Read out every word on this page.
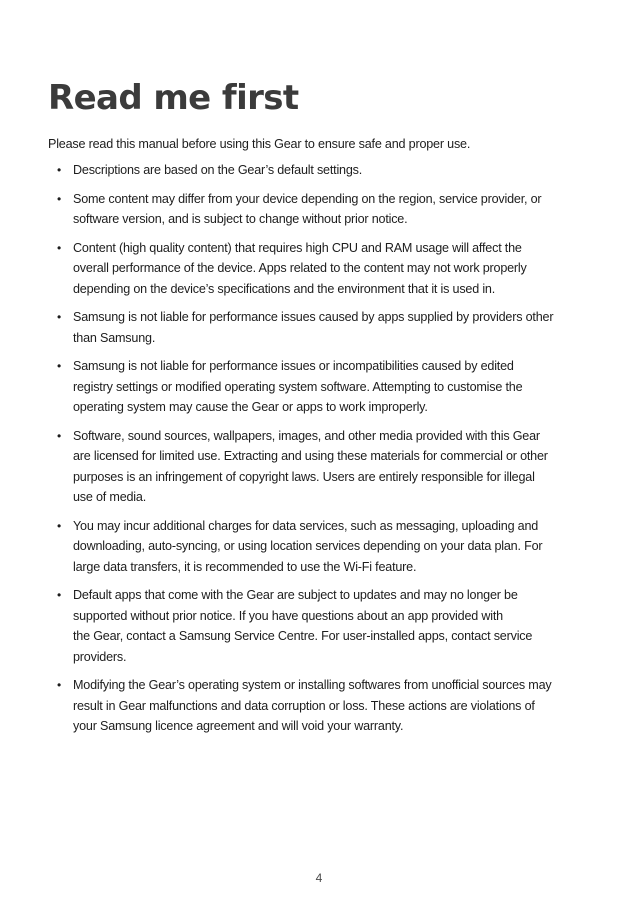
Read me first

Please read this manual before using this Gear to ensure safe and proper use.

• Descriptions are based on the Gear’s default settings.
• Some content may differ from your device depending on the region, service provider, or
software version, and is subject to change without prior notice.
• Content (high quality content) that requires high CPU and RAM usage will affect the
overall performance of the device. Apps related to the content may not work properly
depending on the device’s specifications and the environment that it is used in.
• Samsung is not liable for performance issues caused by apps supplied by providers other
than Samsung.
• Samsung is not liable for performance issues or incompatibilities caused by edited
registry settings or modified operating system software. Attempting to customise the
operating system may cause the Gear or apps to work improperly.
• Software, sound sources, wallpapers, images, and other media provided with this Gear
are licensed for limited use. Extracting and using these materials for commercial or other
purposes is an infringement of copyright laws. Users are entirely responsible for illegal
use of media.
• You may incur additional charges for data services, such as messaging, uploading and
downloading, auto-syncing, or using location services depending on your data plan. For
large data transfers, it is recommended to use the Wi-Fi feature.
• Default apps that come with the Gear are subject to updates and may no longer be
supported without prior notice. If you have questions about an app provided with
the Gear, contact a Samsung Service Centre. For user-installed apps, contact service
providers.
• Modifying the Gear’s operating system or installing softwares from unofficial sources may
result in Gear malfunctions and data corruption or loss. These actions are violations of
your Samsung licence agreement and will void your warranty.
4
